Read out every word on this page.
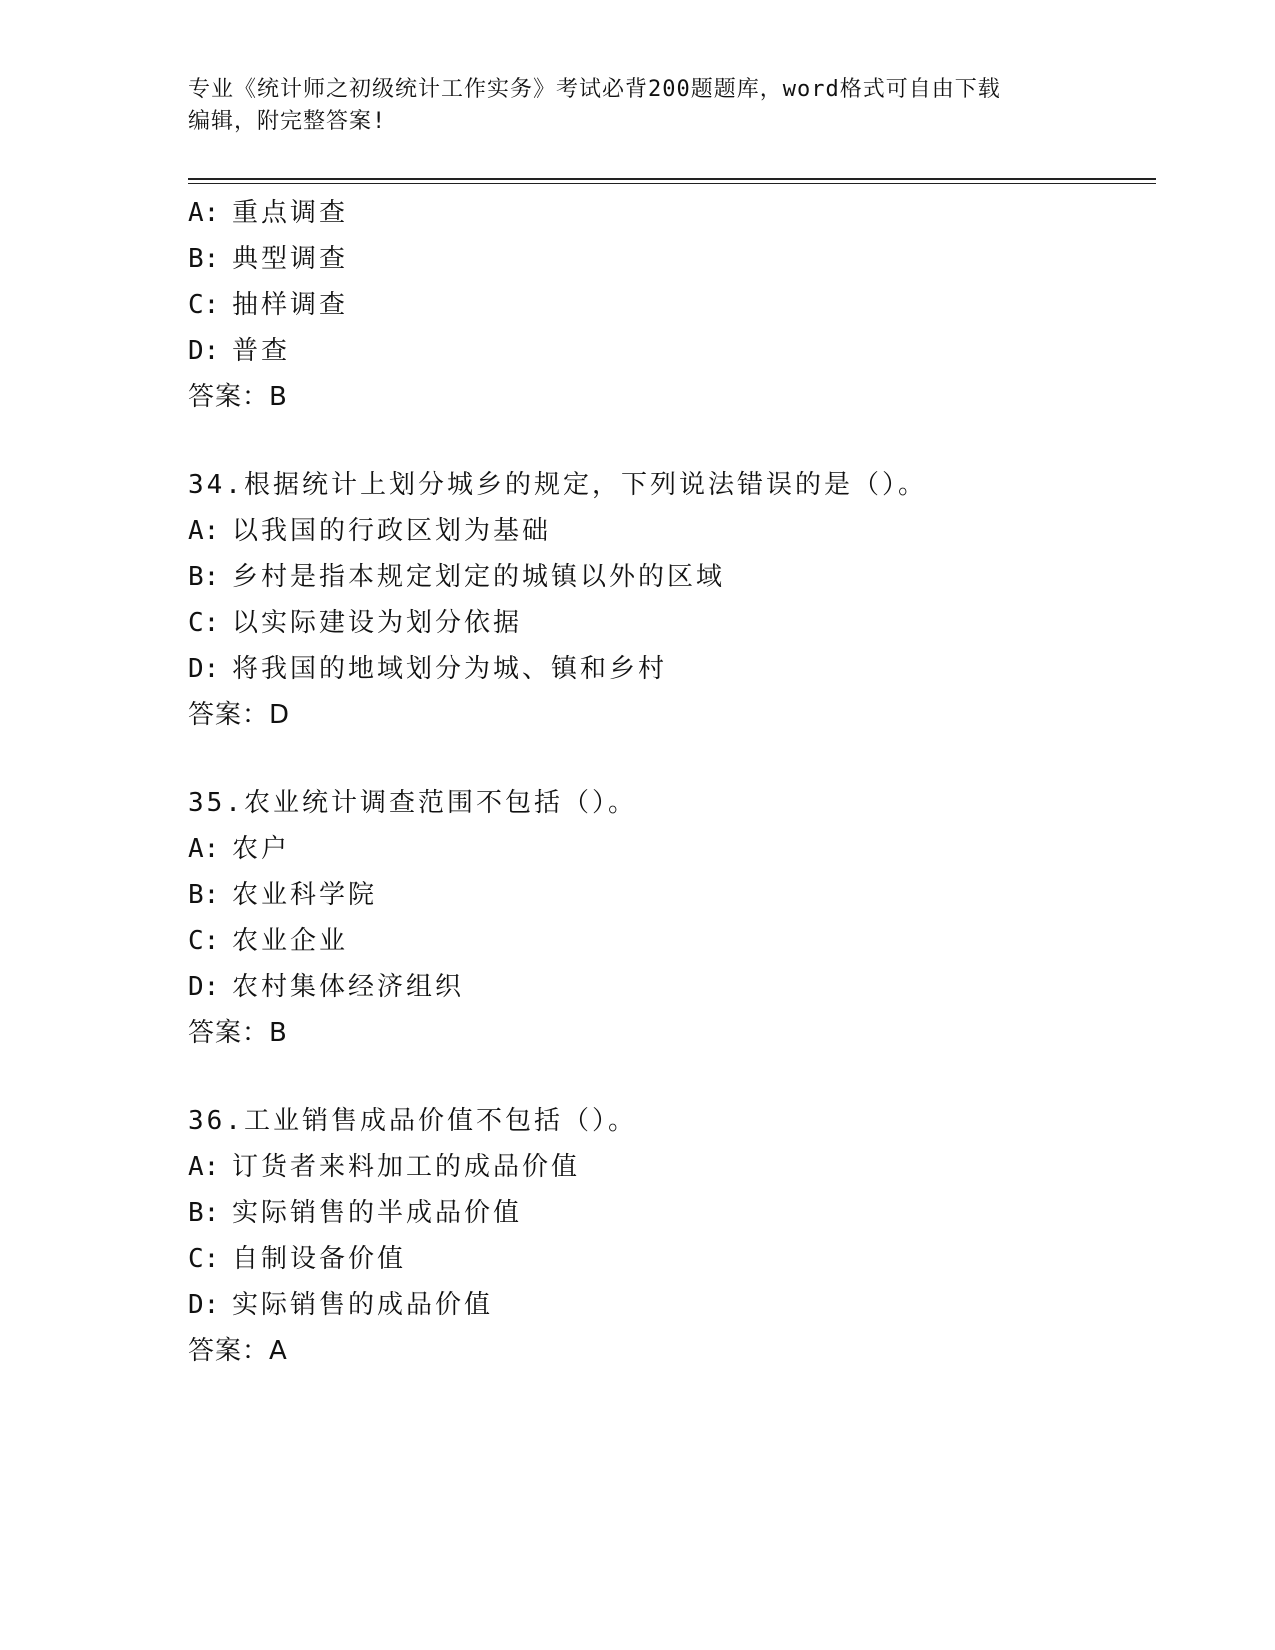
专业《统计师之初级统计工作实务》考试必背200题题库，word格式可自由下载
编辑，附完整答案!
A: 重点调查
B: 典型调查
C: 抽样调查
D: 普查
答案：B
34.根据统计上划分城乡的规定，下列说法错误的是（）。
A: 以我国的行政区划为基础
B: 乡村是指本规定划定的城镇以外的区域
C: 以实际建设为划分依据
D: 将我国的地域划分为城、镇和乡村
答案：D
35.农业统计调查范围不包括（）。
A: 农户
B: 农业科学院
C: 农业企业
D: 农村集体经济组织
答案：B
36.工业销售成品价值不包括（）。
A: 订货者来料加工的成品价值
B: 实际销售的半成品价值
C: 自制设备价值
D: 实际销售的成品价值
答案：A
